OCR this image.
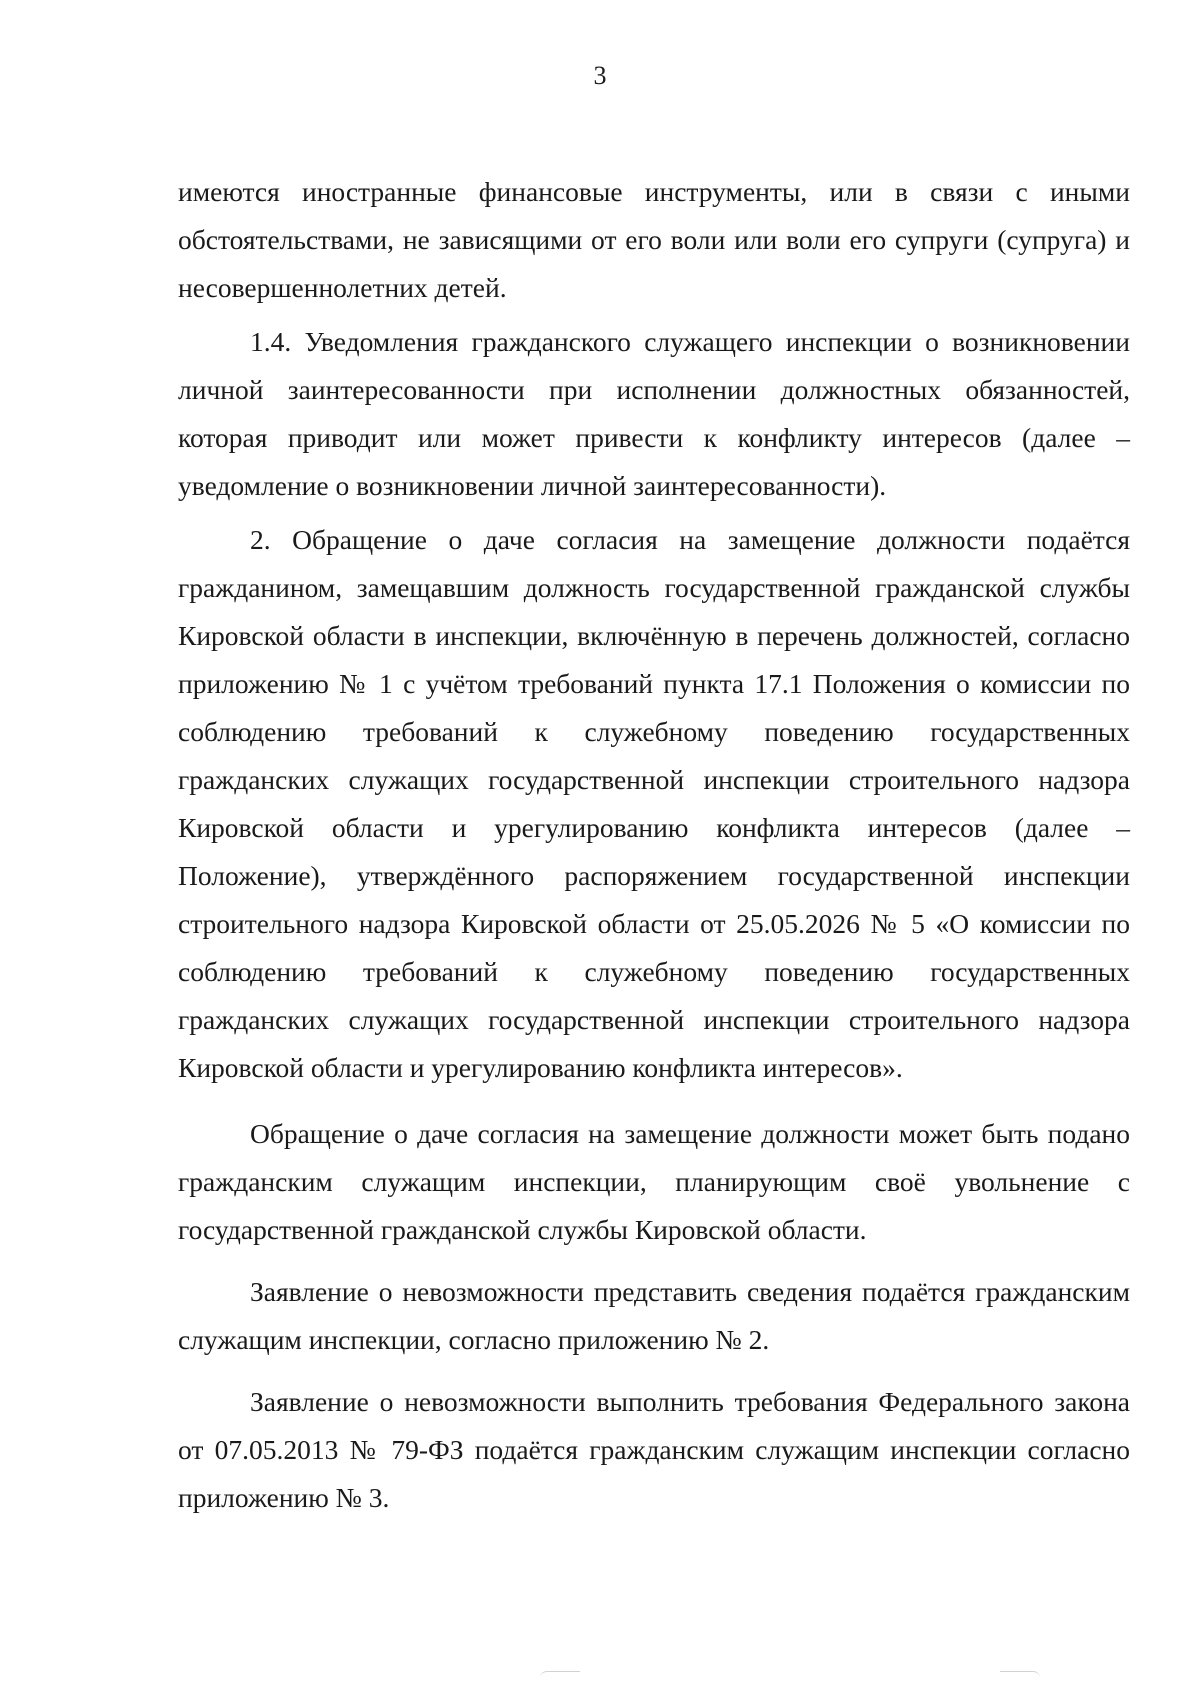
3

имеются иностранные финансовые инструменты, или в связи с иными обстоятельствами, не зависящими от его воли или воли его супруги (супруга) и несовершеннолетних детей.

1.4. Уведомления гражданского служащего инспекции о возникновении личной заинтересованности при исполнении должностных обязанностей, которая приводит или может привести к конфликту интересов (далее – уведомление о возникновении личной заинтересованности).

2. Обращение о даче согласия на замещение должности подаётся гражданином, замещавшим должность государственной гражданской службы Кировской области в инспекции, включённую в перечень должностей, согласно приложению № 1 с учётом требований пункта 17.1 Положения о комиссии по соблюдению требований к служебному поведению государственных гражданских служащих государственной инспекции строительного надзора Кировской области и урегулированию конфликта интересов (далее – Положение), утверждённого распоряжением государственной инспекции строительного надзора Кировской области от 25.05.2026 № 5 «О комиссии по соблюдению требований к служебному поведению государственных гражданских служащих государственной инспекции строительного надзора Кировской области и урегулированию конфликта интересов».

Обращение о даче согласия на замещение должности может быть подано гражданским служащим инспекции, планирующим своё увольнение с государственной гражданской службы Кировской области.

Заявление о невозможности представить сведения подаётся гражданским служащим инспекции, согласно приложению № 2.

Заявление о невозможности выполнить требования Федерального закона от 07.05.2013 № 79-ФЗ подаётся гражданским служащим инспекции согласно приложению № 3.
